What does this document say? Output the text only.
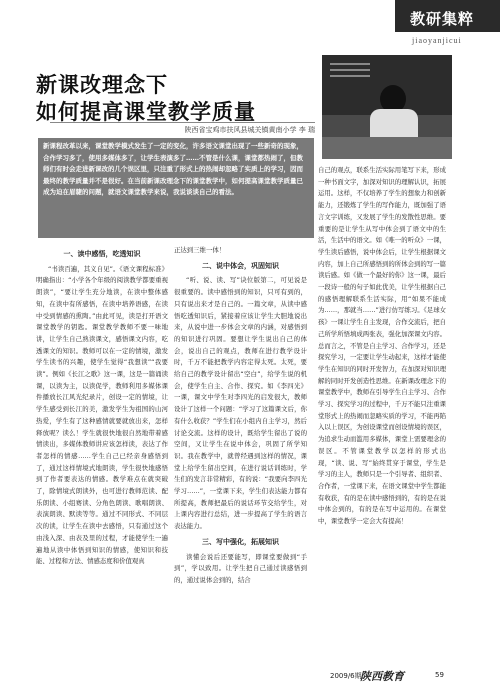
教研集粹
jiaoyanjicui
新课改理念下
如何提高课堂教学质量
陕西省宝鸡市扶风县城关镇黄南小学 李 瑞
新课程改革以来，课堂教学模式发生了一定的变化，许多语文课堂出现了一些新奇的现象，合作学习多了，使用多媒体多了，让学生表演多了……不管是什么课，课堂都热闹了，但教师们有时会走进新课改的几个误区里，只注重了形式上的热闹却忽略了实质上的学习，因而最终的教学质量并不是很好。在当前新课改理念下的课堂教学中，如何提高课堂教学质量已成为迫在眉睫的问题，就语文课堂教学来说，我说谈谈自己的看法。
一、读中感悟，吃透知识
“书读百遍，其义自见”。《语文课程标准》明确指出：“小学各个年级的阅读教学都要重视朗读”，“要让学生充分地读，在读中整体感知，在读中有所感悟，在读中培养语感，在读中受到情感的熏陶。”由此可见，读是打开语文课堂教学的钥匙。课堂教学教师不要一味地讲，让学生自己熟读课文，感悟课文内容，吃透课文的知识。教师可以在一定的情境，激发学生读书的兴趣，使学生觉得“我想读”“我要读”。例如《长江之歌》这一课，这是一篇诵读课，以读为主，以读促学，教师利用多媒体课件播放长江风光纪录片，创设一定的情境，让学生感受到长江的美，激发学生为祖国的山河热爱，学生有了这种感情就要就放出来，怎样释放呢？读么！学生就很快地很自然地带着感情读出，多媒体教师讲应该怎样读，表达了作者怎样的情感……学生自己已经亲身感悟到了，通过这样情境式地朗读，学生很快地感悟到了作者要表达的情感。教学难点在就突破了，除情境式朗读外，也可进行教师范读、配乐朗读、小组赛读、分角色朗读、歌唱朗读、表演朗读、默读等等。通过不同形式、不同层次的读，让学生在读中去感悟，只有通过这个由浅入深、由表及里的过程，才能使学生一遍遍地从读中体悟到知识的情感，使知识和技能、过程和方法、情感态度和价值观真
正达到三维一体！
二、说中体会，巩固知识
“听、说、读、写”诀位版第二，可见说是很重要的。读中感悟到的知识，只可有到的，只有说出来才是自己的。一篇文章，从读中感悟吃透知识后，紧接着应该让学生大胆地说出来，从说中进一步体会文章的内涵，对感悟到的知识进行巩固。要想让学生说出自己的体会，说出自己的观点，教师在进行教学设计时，千万不能把教学内容定得太死。太死，要给自己的教学设计留出“空白”，给学生说的机会，使学生自主、合作、探究。如《李四光》一课，课文中学生对李四光的启发很大，教师设计了这样一个问题：“学习了这篇课文后，你有什么收获？”学生们在小组内自主学习，然后讨论交流。这样的设计，既给学生留出了说的空间，又让学生在说中体会，巩固了所学知识。我在教学中，就曾经遇到这样的情况，课堂上给学生留出空间，在进行说话训练时，学生们的发言非常精彩，有的说：“我要向李四光学习……”，一堂课下来，学生们表达能力都有所提高，教师把最后的说话环节交给学生，对上课内容进行总结，进一步提高了学生的语言表达能力。
三、写中强化，拓展知识
读懂会说后还要能写，即课堂要做到“手到”，学以致用。让学生把自己通过读感悟到的，通过说体会到的，结合
自己的观点，联系生活实际用笔写下来，形成一种书面文字，加深对知识的理解认识，拓展运用。这样，不仅培养了学生的想象力和创新能力，还锻炼了学生的写作能力，既加强了语言文字训练，又发展了学生的发散性思维。要重要的是让学生从写中体会到了语文中的生活，生活中的语文。如《唯一的听众》一课，学生读后感悟，说中体会后，让学生根据课文内容，加上自己所感悟到的所体会到的写一篇读后感。如《做一个最好的你》这一课，最后一段诗一般的句子如此优美，让学生根据自己的感悟理解联系生活实际，用“如果不能成为……，那就当……”进行仿写练习。《足球女孩》一课让学生自主发现，合作交流后，把自己所学所悟填成两张表，强化加深课文内容。总而言之，不管是自主学习、合作学习，还是探究学习，一定要让学生动起来，这样才能使学生在知识的同时开发智力，在加深对知识理解的同时开发创造性思维。在新课改理念下的课堂教学中，教师在引导学生自主学习、合作学习、探究学习的过程中，千万不能只注重课堂形式上的热闹而忽略实质的学习，不能再陷入以上误区，为创设课堂而创设情境的误区，为追求生动而滥用多媒体，课堂上需要理念的误区。不管课堂教学以怎样的形式出现，“读、说、写”始终贯穿于课堂，学生是学习的主人，教师只是一个引导者、组织者、合作者，一堂课下来，在语文课堂中学生都能有收获，有的是在读中感悟到的，有的是在说中体会到的，有的是在写中运用的。在课堂中，课堂教学一定会大有提高！
2009/6期
陕西教育	59
